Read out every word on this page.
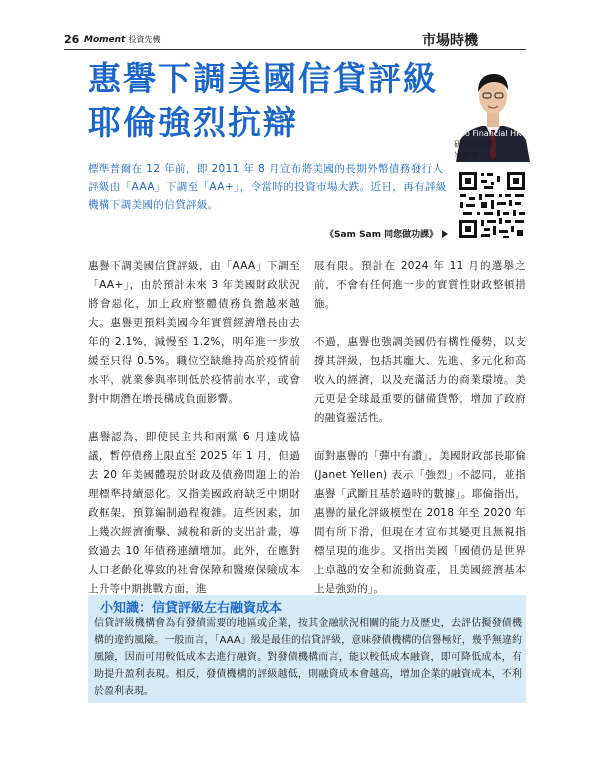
26 Moment 投資先機	市場時機
惠譽下調美國信貸評級
耶倫強烈抗辯	Doo Financial HK
研究部主管
岑智勇
標準普爾在 12 年前，即 2011 年 8 月宣布將美國的長期外幣債務發行人評級由「AAA」下調至「AA+」，令當時的投資市場大跌。近日，再有評級機構下調美國的信貸評級。
《Sam Sam 同您做功課》

惠譽下調美國信貸評級，由「AAA」下調至「AA+」，由於預計未來 3 年美國財政狀況將會惡化，加上政府整體債務負擔越來越大。惠譽更預料美國今年實質經濟增長由去年的 2.1%，減慢至 1.2%，明年進一步放緩至只得 0.5%。職位空缺維持高於疫情前水平，就業參與率則低於疫情前水平，或會對中期潛在增長構成負面影響。

惠譽認為，即使民主共和兩黨 6 月達成協議，暫停債務上限直至 2025 年 1 月，但過去 20 年美國體現於財政及債務問題上的治理標準持續惡化。又指美國政府缺乏中期財政框架，預算編制過程複雜。這些因素，加上幾次經濟衝擊、減稅和新的支出計畫，導致過去 10 年債務連續增加。此外，在應對人口老齡化導致的社會保障和醫療保險成本上升等中期挑戰方面，進

展有限。預計在 2024 年 11 月的選舉之前，不會有任何進一步的實質性財政整頓措施。

不過，惠譽也強調美國仍有構性優勢，以支撐其評級，包括其龐大、先進、多元化和高收入的經濟，以及充滿活力的商業環境。美元更是全球最重要的儲備貨幣，增加了政府的融資靈活性。

面對惠譽的「彈中有讚」，美國財政部長耶倫 (Janet Yellen) 表示「強烈」不認同，並指惠譽「武斷且基於過時的數據」。耶倫指出，惠譽的量化評級模型在 2018 年至 2020 年間有所下滑，但現在才宣布其變更且無視指標呈現的進步。又指出美國「國債仍是世界上卓越的安全和流動資產，且美國經濟基本上是強勁的」。

小知識：信貸評級左右融資成本
信貸評級機構會為有發債需要的地區或企業，按其金融狀況相關的能力及歷史，去評估擬發債機構的違約風險。一般而言，「AAA」級是最佳的信貸評級，意味發債機構的信譽極好，幾乎無違約風險，因而可用較低成本去進行融資。對發債機構而言，能以較低成本融資，即可降低成本，有助提升盈利表現。相反，發債機構的評級越低，則融資成本會越高，增加企業的融資成本，不利於盈利表現。
